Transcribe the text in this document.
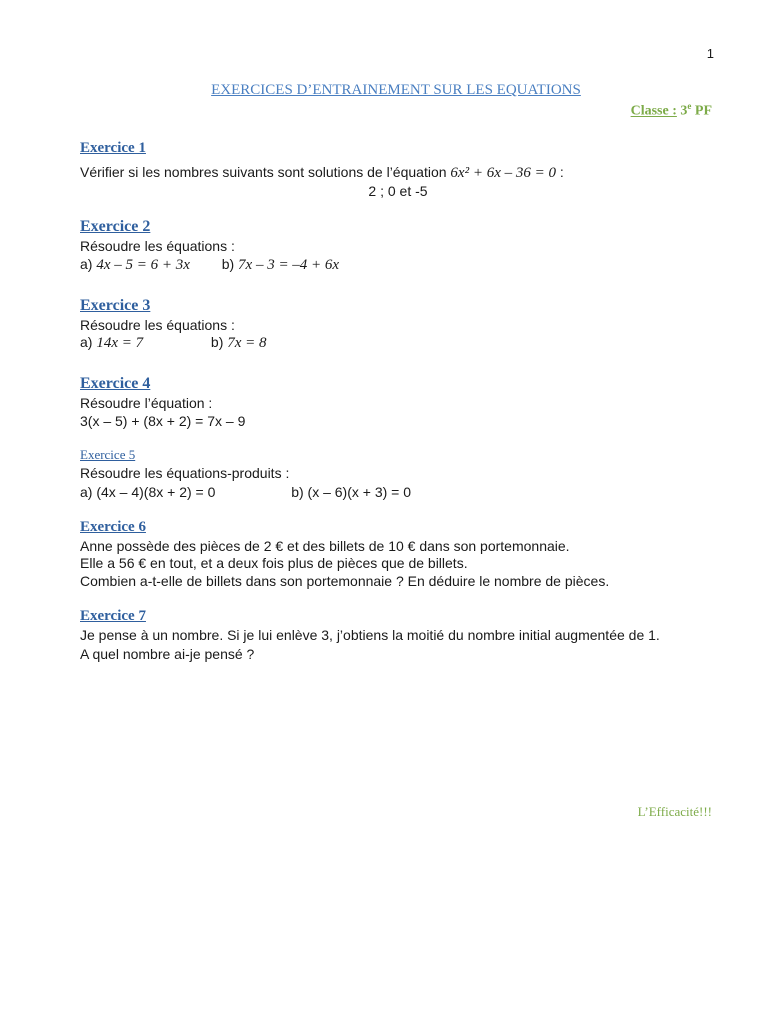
1
EXERCICES D’ENTRAINEMENT SUR LES EQUATIONS
Classe : 3e PF
Exercice 1
Vérifier si les nombres suivants sont solutions de l’équation 6x² + 6x – 36 = 0 :
2 ; 0 et -5
Exercice 2
Résoudre les équations :
a) 4x – 5 = 6 + 3x b) 7x – 3 = –4 + 6x
Exercice 3
Résoudre les équations :
a) 14x = 7	b) 7x = 8
Exercice 4
Résoudre l’équation :
3(x – 5) + (8x + 2) = 7x – 9
Exercice 5
Résoudre les équations-produits :
a) (4x – 4)(8x + 2) = 0	b) (x – 6)(x + 3) = 0
Exercice 6
Anne possède des pièces de 2 € et des billets de 10 € dans son portemonnaie.
Elle a 56 € en tout, et a deux fois plus de pièces que de billets.
Combien a-t-elle de billets dans son portemonnaie ? En déduire le nombre de pièces.
Exercice 7
Je pense à un nombre. Si je lui enlève 3, j’obtiens la moitié du nombre initial augmentée de 1.
A quel nombre ai-je pensé ?
L’Efficacité!!!
